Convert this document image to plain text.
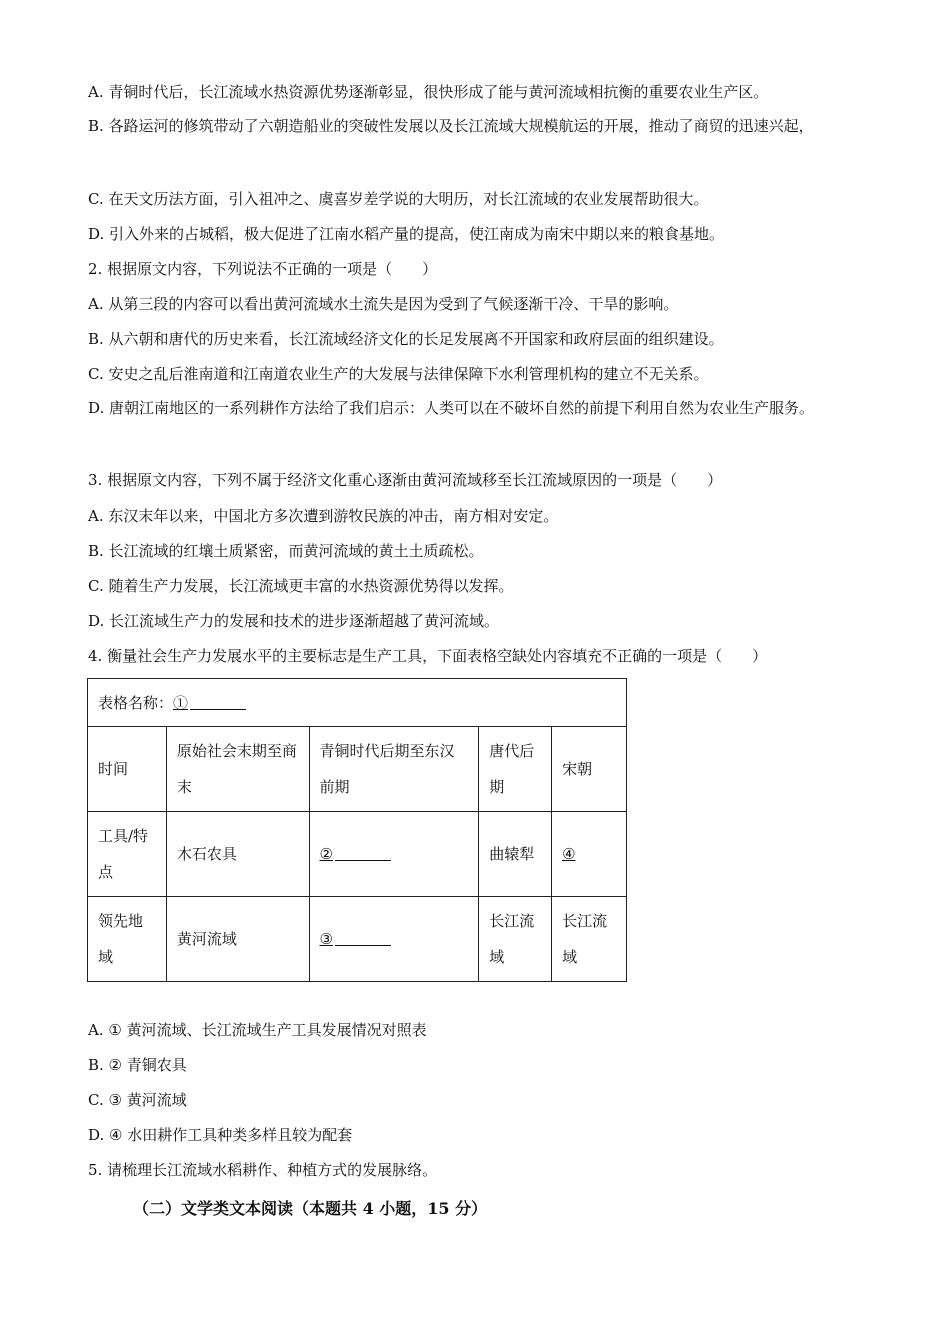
A. 青铜时代后，长江流域水热资源优势逐渐彰显，很快形成了能与黄河流域相抗衡的重要农业生产区。
B. 各路运河的修筑带动了六朝造船业的突破性发展以及长江流域大规模航运的开展，推动了商贸的迅速兴起，
C. 在天文历法方面，引入祖冲之、虞喜岁差学说的大明历，对长江流域的农业发展帮助很大。
D. 引入外来的占城稻，极大促进了江南水稻产量的提高，使江南成为南宋中期以来的粮食基地。
2. 根据原文内容，下列说法不正确的一项是（　　）
A. 从第三段的内容可以看出黄河流域水土流失是因为受到了气候逐渐干冷、干旱的影响。
B. 从六朝和唐代的历史来看，长江流域经济文化的长足发展离不开国家和政府层面的组织建设。
C. 安史之乱后淮南道和江南道农业生产的大发展与法律保障下水利管理机构的建立不无关系。
D. 唐朝江南地区的一系列耕作方法给了我们启示：人类可以在不破坏自然的前提下利用自然为农业生产服务。
3. 根据原文内容，下列不属于经济文化重心逐渐由黄河流域移至长江流域原因的一项是（　　）
A. 东汉末年以来，中国北方多次遭到游牧民族的冲击，南方相对安定。
B. 长江流域的红壤土质紧密，而黄河流域的黄土土质疏松。
C. 随着生产力发展，长江流域更丰富的水热资源优势得以发挥。
D. 长江流域生产力的发展和技术的进步逐渐超越了黄河流域。
4. 衡量社会生产力发展水平的主要标志是生产工具，下面表格空缺处内容填充不正确的一项是（　　）
表格名称：①				
时间	原始社会末期至商末	青铜时代后期至东汉前期	唐代后期	宋朝
工具/特点	木石农具	②	曲辕犁	④
领先地域	黄河流域	③	长江流域	长江流域
A. ① 黄河流域、长江流域生产工具发展情况对照表
B. ② 青铜农具
C. ③ 黄河流域
D. ④ 水田耕作工具种类多样且较为配套
5. 请梳理长江流域水稻耕作、种植方式的发展脉络。
（二）文学类文本阅读（本题共 4 小题，15 分）
